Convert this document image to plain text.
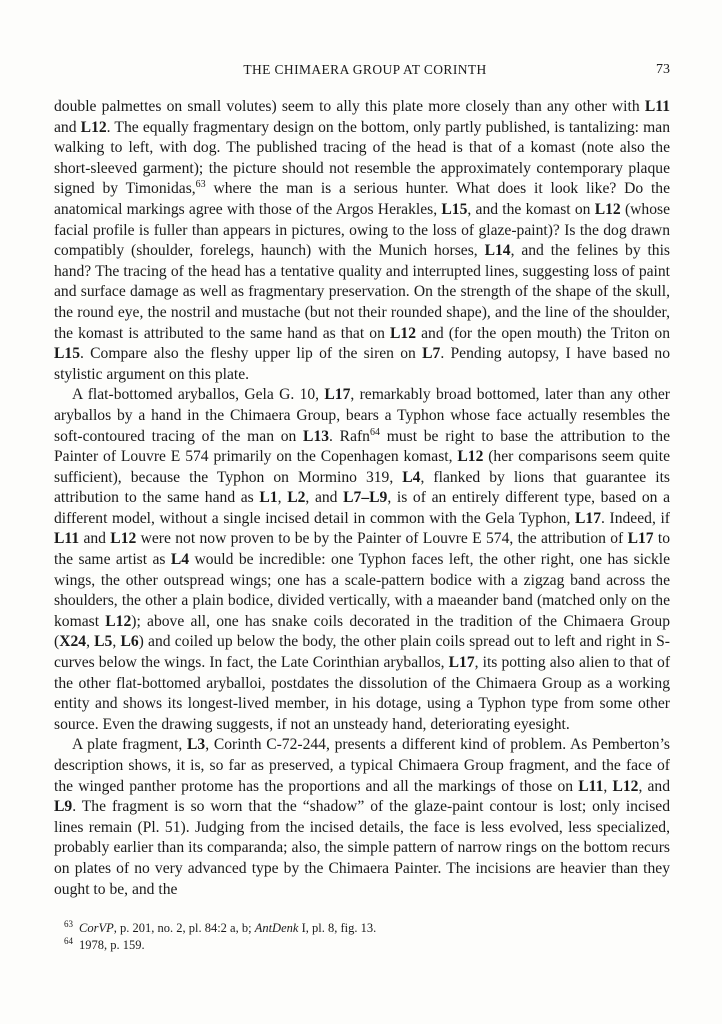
THE CHIMAERA GROUP AT CORINTH	73

double palmettes on small volutes) seem to ally this plate more closely than any other with L11 and L12. The equally fragmentary design on the bottom, only partly published, is tantalizing: man walking to left, with dog. The published tracing of the head is that of a komast (note also the short-sleeved garment); the picture should not resemble the approximately contemporary plaque signed by Timonidas,$^{63}$ where the man is a serious hunter. What does it look like? Do the anatomical markings agree with those of the Argos Herakles, L15, and the komast on L12 (whose facial profile is fuller than appears in pictures, owing to the loss of glaze-paint)? Is the dog drawn compatibly (shoulder, forelegs, haunch) with the Munich horses, L14, and the felines by this hand? The tracing of the head has a tentative quality and interrupted lines, suggesting loss of paint and surface damage as well as fragmentary preservation. On the strength of the shape of the skull, the round eye, the nostril and mustache (but not their rounded shape), and the line of the shoulder, the komast is attributed to the same hand as that on L12 and (for the open mouth) the Triton on L15. Compare also the fleshy upper lip of the siren on L7. Pending autopsy, I have based no stylistic argument on this plate.

A flat-bottomed aryballos, Gela G. 10, L17, remarkably broad bottomed, later than any other aryballos by a hand in the Chimaera Group, bears a Typhon whose face actually resembles the soft-contoured tracing of the man on L13. Rafn$^{64}$ must be right to base the attribution to the Painter of Louvre E 574 primarily on the Copenhagen komast, L12 (her comparisons seem quite sufficient), because the Typhon on Mormino 319, L4, flanked by lions that guarantee its attribution to the same hand as L1, L2, and L7–L9, is of an entirely different type, based on a different model, without a single incised detail in common with the Gela Typhon, L17. Indeed, if L11 and L12 were not now proven to be by the Painter of Louvre E 574, the attribution of L17 to the same artist as L4 would be incredible: one Typhon faces left, the other right, one has sickle wings, the other outspread wings; one has a scale-pattern bodice with a zigzag band across the shoulders, the other a plain bodice, divided vertically, with a maeander band (matched only on the komast L12); above all, one has snake coils decorated in the tradition of the Chimaera Group (X24, L5, L6) and coiled up below the body, the other plain coils spread out to left and right in S-curves below the wings. In fact, the Late Corinthian aryballos, L17, its potting also alien to that of the other flat-bottomed aryballoi, postdates the dissolution of the Chimaera Group as a working entity and shows its longest-lived member, in his dotage, using a Typhon type from some other source. Even the drawing suggests, if not an unsteady hand, deteriorating eyesight.

A plate fragment, L3, Corinth C-72-244, presents a different kind of problem. As Pemberton’s description shows, it is, so far as preserved, a typical Chimaera Group fragment, and the face of the winged panther protome has the proportions and all the markings of those on L11, L12, and L9. The fragment is so worn that the “shadow” of the glaze-paint contour is lost; only incised lines remain (Pl. 51). Judging from the incised details, the face is less evolved, less specialized, probably earlier than its comparanda; also, the simple pattern of narrow rings on the bottom recurs on plates of no very advanced type by the Chimaera Painter. The incisions are heavier than they ought to be, and the

$^{63}$ CorVP, p. 201, no. 2, pl. 84:2 a, b; AntDenk I, pl. 8, fig. 13.

$^{64}$ 1978, p. 159.
